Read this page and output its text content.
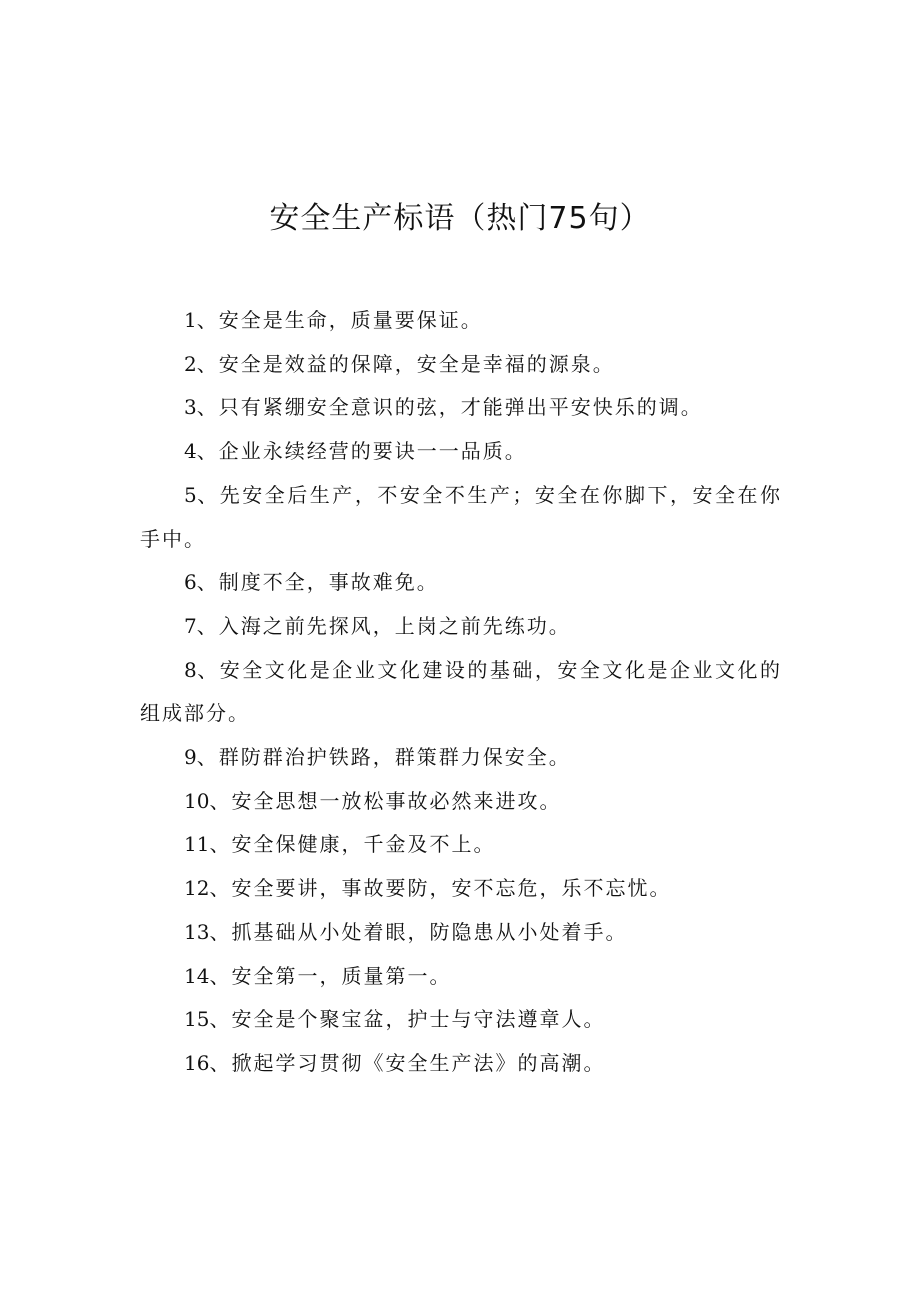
安全生产标语（热门75句）
1、安全是生命，质量要保证。
2、安全是效益的保障，安全是幸福的源泉。
3、只有紧绷安全意识的弦，才能弹出平安快乐的调。
4、企业永续经营的要诀一一品质。
5、先安全后生产，不安全不生产；安全在你脚下，安全在你手中。
6、制度不全，事故难免。
7、入海之前先探风，上岗之前先练功。
8、安全文化是企业文化建设的基础，安全文化是企业文化的组成部分。
9、群防群治护铁路，群策群力保安全。
10、安全思想一放松事故必然来进攻。
11、安全保健康，千金及不上。
12、安全要讲，事故要防，安不忘危，乐不忘忧。
13、抓基础从小处着眼，防隐患从小处着手。
14、安全第一，质量第一。
15、安全是个聚宝盆，护士与守法遵章人。
16、掀起学习贯彻《安全生产法》的高潮。
